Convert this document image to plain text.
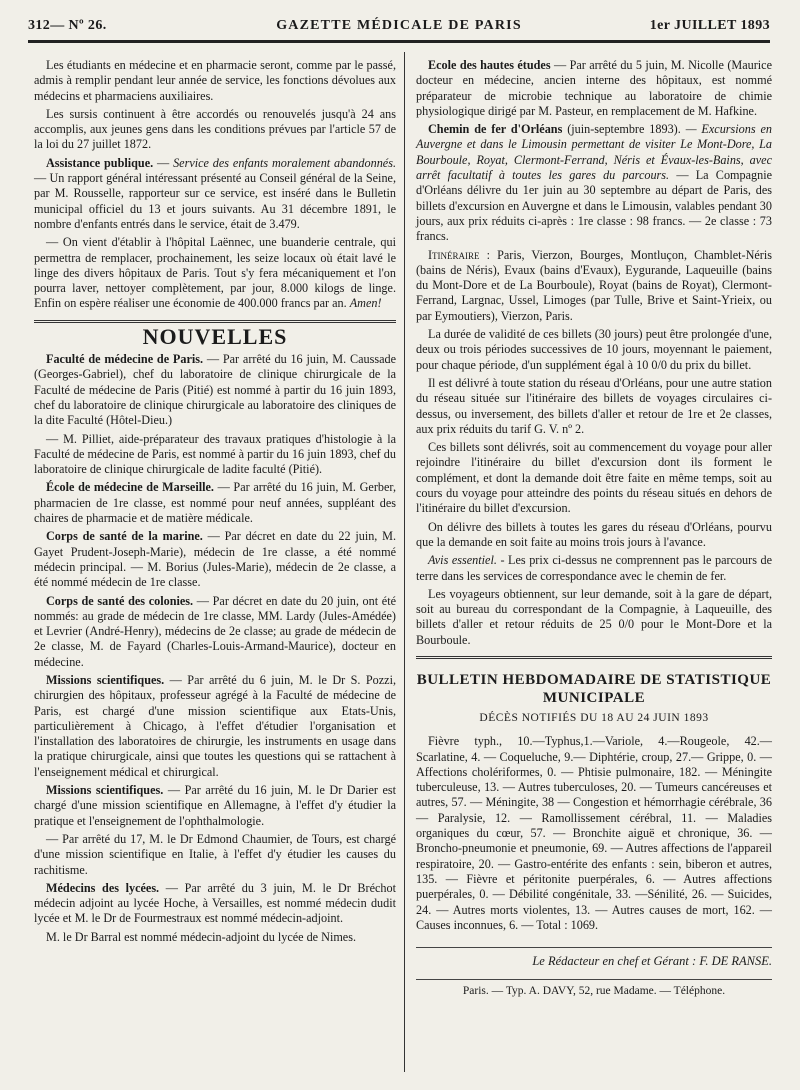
312— Nº 26.	GAZETTE MÉDICALE DE PARIS	1er JUILLET 1893

Les étudiants en médecine et en pharmacie seront, comme par le passé, admis à remplir pendant leur année de service, les fonctions dévolues aux médecins et pharmaciens auxiliaires.

Les sursis continuent à être accordés ou renouvelés jusqu'à 24 ans accomplis, aux jeunes gens dans les conditions prévues par l'article 57 de la loi du 27 juillet 1872.

Assistance publique. — Service des enfants moralement abandonnés. — Un rapport général intéressant présenté au Conseil général de la Seine, par M. Rousselle, rapporteur sur ce service, est inséré dans le Bulletin municipal officiel du 13 et jours suivants. Au 31 décembre 1891, le nombre d'enfants entrés dans le service, était de 3.479.

— On vient d'établir à l'hôpital Laënnec, une buanderie centrale, qui permettra de remplacer, prochainement, les seize locaux où était lavé le linge des divers hôpitaux de Paris. Tout s'y fera mécaniquement et l'on pourra laver, nettoyer complètement, par jour, 8.000 kilogs de linge. Enfin on espère réaliser une économie de 400.000 francs par an. Amen!

NOUVELLES

Faculté de médecine de Paris. — Par arrêté du 16 juin, M. Caussade (Georges-Gabriel), chef du laboratoire de clinique chirurgicale de la Faculté de médecine de Paris (Pitié) est nommé à partir du 16 juin 1893, chef du laboratoire de clinique chirurgicale au laboratoire des cliniques de la dite Faculté (Hôtel-Dieu.)

— M. Pilliet, aide-préparateur des travaux pratiques d'histologie à la Faculté de médecine de Paris, est nommé à partir du 16 juin 1893, chef du laboratoire de clinique chirurgicale de ladite faculté (Pitié).

École de médecine de Marseille. — Par arrêté du 16 juin, M. Gerber, pharmacien de 1re classe, est nommé pour neuf années, suppléant des chaires de pharmacie et de matière médicale.

Corps de santé de la marine. — Par décret en date du 22 juin, M. Gayet Prudent-Joseph-Marie), médecin de 1re classe, a été nommé médecin principal. — M. Borius (Jules-Marie), médecin de 2e classe, a été nommé médecin de 1re classe.

Corps de santé des colonies. — Par décret en date du 20 juin, ont été nommés: au grade de médecin de 1re classe, MM. Lardy (Jules-Amédée) et Levrier (André-Henry), médecins de 2e classe; au grade de médecin de 2e classe, M. de Fayard (Charles-Louis-Armand-Maurice), docteur en médecine.

Missions scientifiques. — Par arrêté du 6 juin, M. le Dr S. Pozzi, chirurgien des hôpitaux, professeur agrégé à la Faculté de médecine de Paris, est chargé d'une mission scientifique aux Etats-Unis, particulièrement à Chicago, à l'effet d'étudier l'organisation et l'installation des laboratoires de chirurgie, les instruments en usage dans la pratique chirurgicale, ainsi que toutes les questions qui se rattachent à l'enseignement médical et chirurgical.

Missions scientifiques. — Par arrêté du 16 juin, M. le Dr Darier est chargé d'une mission scientifique en Allemagne, à l'effet d'y étudier la pratique et l'enseignement de l'ophthalmologie.

— Par arrêté du 17, M. le Dr Edmond Chaumier, de Tours, est chargé d'une mission scientifique en Italie, à l'effet d'y étudier les causes du rachitisme.

Médecins des lycées. — Par arrêté du 3 juin, M. le Dr Bréchot médecin adjoint au lycée Hoche, à Versailles, est nommé médecin dudit lycée et M. le Dr de Fourmestraux est nommé médecin-adjoint.

M. le Dr Barral est nommé médecin-adjoint du lycée de Nimes.

Ecole des hautes études — Par arrêté du 5 juin, M. Nicolle (Maurice docteur en médecine, ancien interne des hôpitaux, est nommé préparateur de microbie technique au laboratoire de chimie physiologique dirigé par M. Pasteur, en remplacement de M. Hafkine.

Chemin de fer d'Orléans (juin-septembre 1893). — Excursions en Auvergne et dans le Limousin permettant de visiter Le Mont-Dore, La Bourboule, Royat, Clermont-Ferrand, Néris et Évaux-les-Bains, avec arrêt facultatif à toutes les gares du parcours. — La Compagnie d'Orléans délivre du 1er juin au 30 septembre au départ de Paris, des billets d'excursion en Auvergne et dans le Limousin, valables pendant 30 jours, aux prix réduits ci-après : 1re classe : 98 francs. — 2e classe : 73 francs.

Itinéraire : Paris, Vierzon, Bourges, Montluçon, Chamblet-Néris (bains de Néris), Evaux (bains d'Evaux), Eygurande, Laqueuille (bains du Mont-Dore et de La Bourboule), Royat (bains de Royat), Clermont-Ferrand, Largnac, Ussel, Limoges (par Tulle, Brive et Saint-Yrieix, ou par Eymoutiers), Vierzon, Paris.

La durée de validité de ces billets (30 jours) peut être prolongée d'une, deux ou trois périodes successives de 10 jours, moyennant le paiement, pour chaque période, d'un supplément égal à 10 0/0 du prix du billet.

Il est délivré à toute station du réseau d'Orléans, pour une autre station du réseau située sur l'itinéraire des billets de voyages circulaires ci-dessus, ou inversement, des billets d'aller et retour de 1re et 2e classes, aux prix réduits du tarif G. V. nº 2.

Ces billets sont délivrés, soit au commencement du voyage pour aller rejoindre l'itinéraire du billet d'excursion dont ils forment le complément, et dont la demande doit être faite en même temps, soit au cours du voyage pour atteindre des points du réseau situés en dehors de l'itinéraire du billet d'excursion.

On délivre des billets à toutes les gares du réseau d'Orléans, pourvu que la demande en soit faite au moins trois jours à l'avance.

Avis essentiel. - Les prix ci-dessus ne comprennent pas le parcours de terre dans les services de correspondance avec le chemin de fer.

Les voyageurs obtiennent, sur leur demande, soit à la gare de départ, soit au bureau du correspondant de la Compagnie, à Laqueuille, des billets d'aller et retour réduits de 25 0/0 pour le Mont-Dore et la Bourboule.

BULLETIN HEBDOMADAIRE DE STATISTIQUE
MUNICIPALE
DÉCÈS NOTIFIÉS DU 18 AU 24 JUIN 1893

Fièvre typh., 10.—Typhus,1.—Variole, 4.—Rougeole, 42.—Scarlatine, 4. — Coqueluche, 9.— Diphtérie, croup, 27.— Grippe, 0. — Affections cholériformes, 0. — Phtisie pulmonaire, 182. — Méningite tuberculeuse, 13. — Autres tuberculoses, 20. — Tumeurs cancéreuses et autres, 57. — Méningite, 38 — Congestion et hémorrhagie cérébrale, 36 — Paralysie, 12. — Ramollissement cérébral, 11. — Maladies organiques du cœur, 57. — Bronchite aiguë et chronique, 36. — Broncho-pneumonie et pneumonie, 69. — Autres affections de l'appareil respiratoire, 20. — Gastro-entérite des enfants : sein, biberon et autres, 135. — Fièvre et péritonite puerpérales, 6. — Autres affections puerpérales, 0. — Débilité congénitale, 33. —Sénilité, 26. — Suicides, 24. — Autres morts violentes, 13. — Autres causes de mort, 162. — Causes inconnues, 6. — Total : 1069.

Le Rédacteur en chef et Gérant : F. DE RANSE.
Paris. — Typ. A. DAVY, 52, rue Madame. — Téléphone.
